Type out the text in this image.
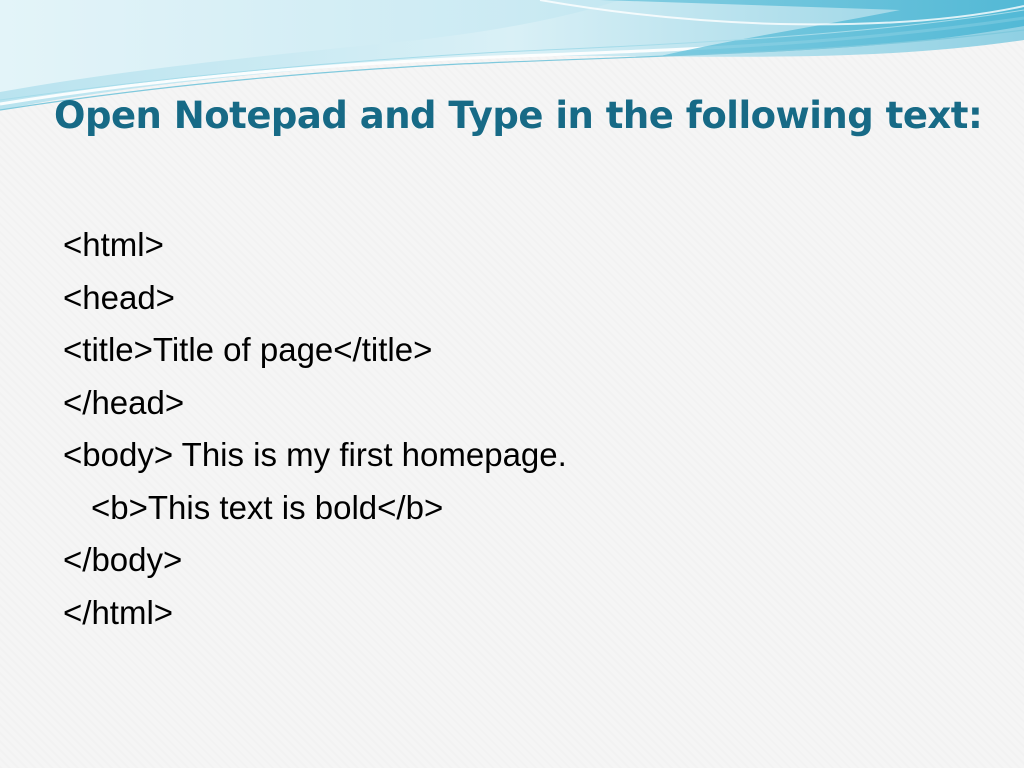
Open Notepad and Type in the following text:
<html>
<head>
<title>Title of page</title>
</head>
<body> This is my first homepage.
<b>This text is bold</b>
</body>
</html>
